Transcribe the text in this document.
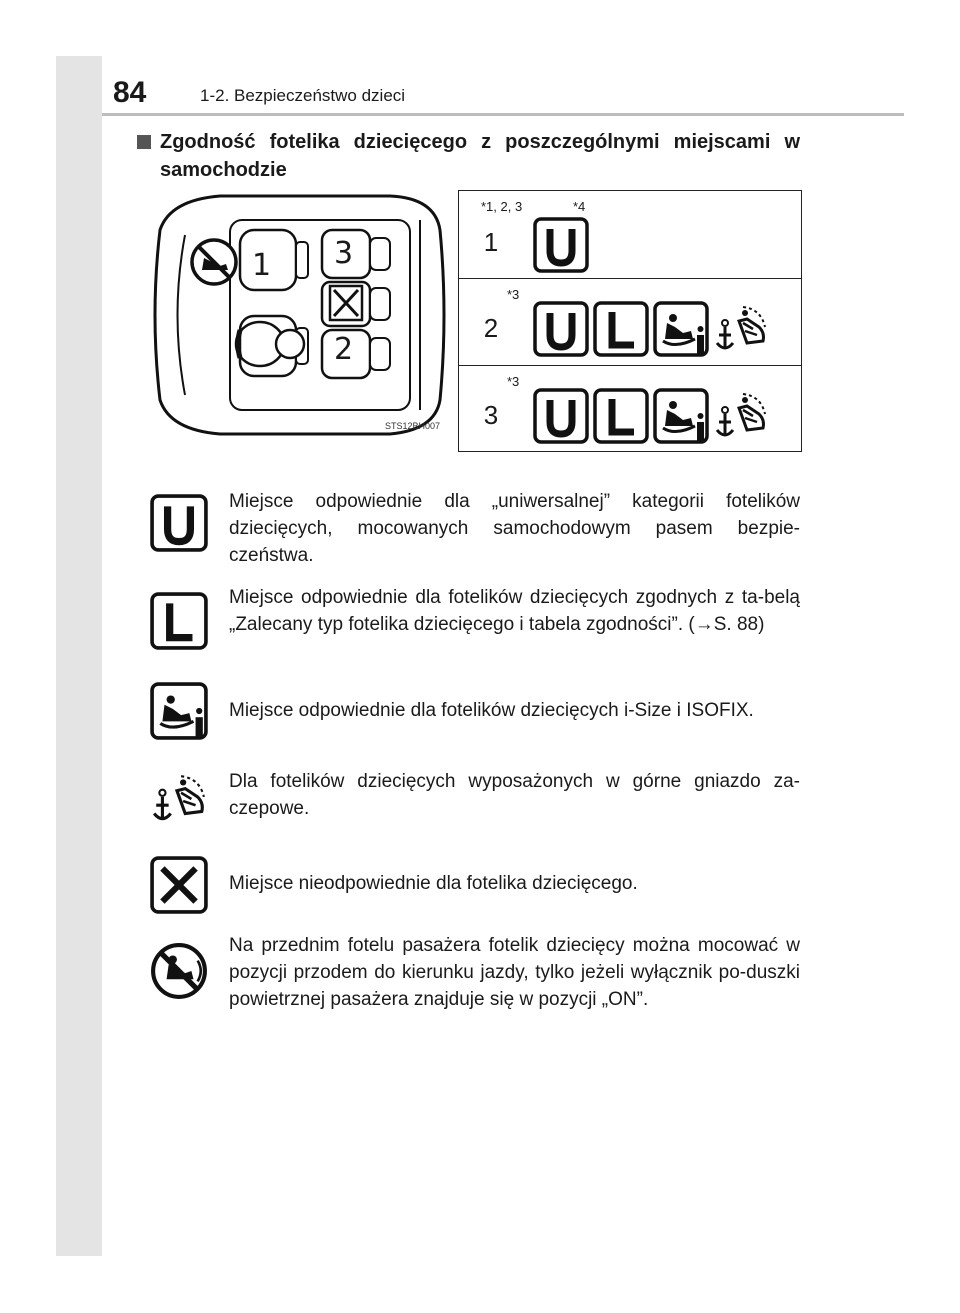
84	1-2. Bezpieczeństwo dzieci
Zgodność fotelika dziecięcego z poszczególnymi miejscami w samochodzie
1 3
2
STS12BH007
*1, 2, 3	*4
1
*3
2
*3
3
Miejsce odpowiednie dla „uniwersalnej” kategorii fotelików dziecięcych, mocowanych samochodowym pasem bezpie-czeństwa.
Miejsce odpowiednie dla fotelików dziecięcych zgodnych z ta-belą „Zalecany typ fotelika dziecięcego i tabela zgodności”. (→S. 88)
Miejsce odpowiednie dla fotelików dziecięcych i-Size i ISOFIX.
Dla fotelików dziecięcych wyposażonych w górne gniazdo za-czepowe.
Miejsce nieodpowiednie dla fotelika dziecięcego.
Na przednim fotelu pasażera fotelik dziecięcy można mocować w pozycji przodem do kierunku jazdy, tylko jeżeli wyłącznik po-duszki powietrznej pasażera znajduje się w pozycji „ON”.
